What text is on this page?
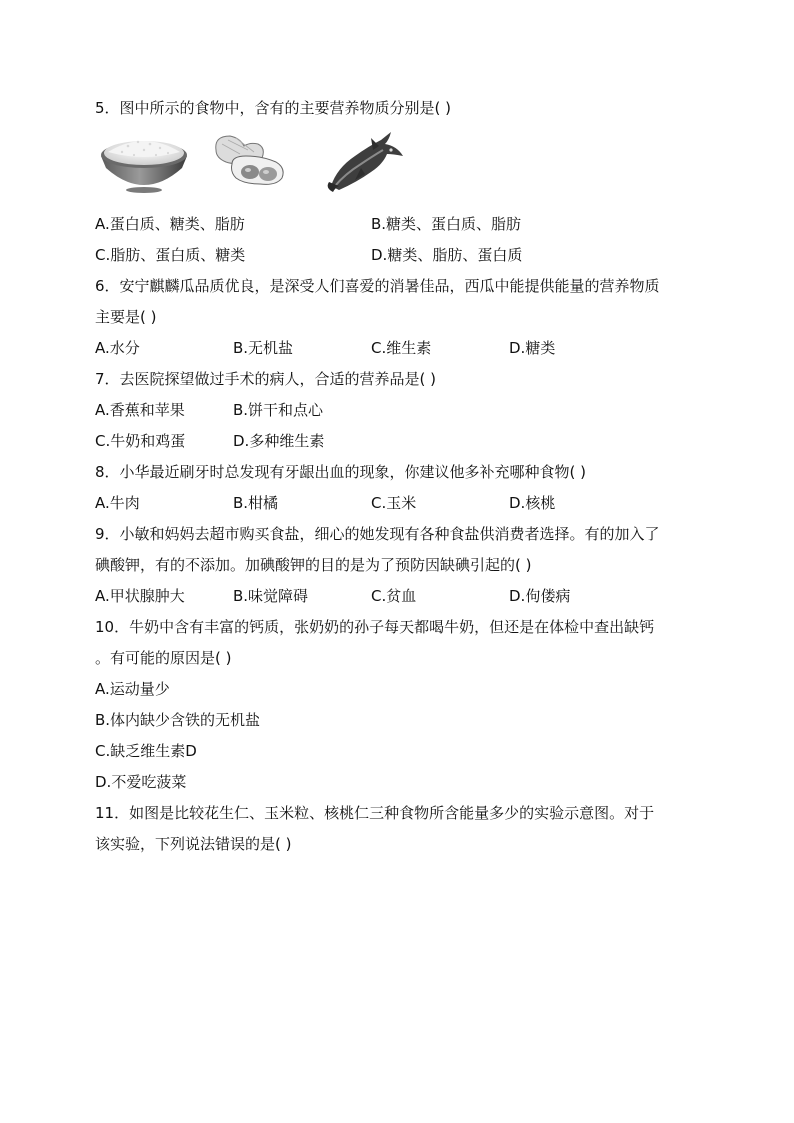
5．图中所示的食物中，含有的主要营养物质分别是( )
A.蛋白质、糖类、脂肪	B.糖类、蛋白质、脂肪
C.脂肪、蛋白质、糖类	D.糖类、脂肪、蛋白质
6．安宁麒麟瓜品质优良，是深受人们喜爱的消暑佳品，西瓜中能提供能量的营养物质
主要是( )
A.水分	B.无机盐	C.维生素	D.糖类
7．去医院探望做过手术的病人，合适的营养品是( )
A.香蕉和苹果	B.饼干和点心
C.牛奶和鸡蛋	D.多种维生素
8．小华最近刷牙时总发现有牙龈出血的现象，你建议他多补充哪种食物( )
A.牛肉	B.柑橘	C.玉米	D.核桃
9．小敏和妈妈去超市购买食盐，细心的她发现有各种食盐供消费者选择。有的加入了
碘酸钾，有的不添加。加碘酸钾的目的是为了预防因缺碘引起的( )
A.甲状腺肿大	B.味觉障碍	C.贫血	D.佝偻病
10．牛奶中含有丰富的钙质，张奶奶的孙子每天都喝牛奶，但还是在体检中查出缺钙
。有可能的原因是( )
A.运动量少
B.体内缺少含铁的无机盐
C.缺乏维生素D
D.不爱吃菠菜
11．如图是比较花生仁、玉米粒、核桃仁三种食物所含能量多少的实验示意图。对于
该实验，下列说法错误的是( )
